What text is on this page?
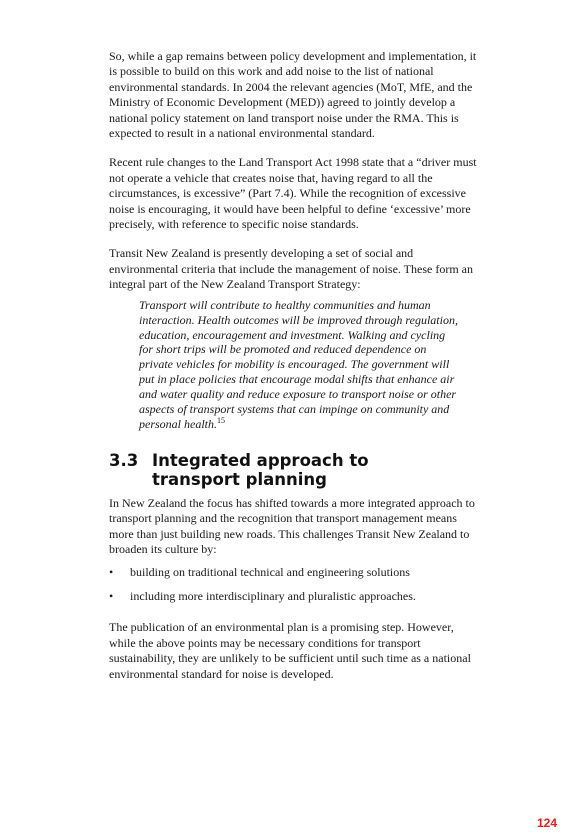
So, while a gap remains between policy development and implementation, it is possible to build on this work and add noise to the list of national environmental standards. In 2004 the relevant agencies (MoT, MfE, and the Ministry of Economic Development (MED)) agreed to jointly develop a national policy statement on land transport noise under the RMA. This is expected to result in a national environmental standard.

Recent rule changes to the Land Transport Act 1998 state that a “driver must not operate a vehicle that creates noise that, having regard to all the circumstances, is excessive” (Part 7.4). While the recognition of excessive noise is encouraging, it would have been helpful to define ‘excessive’ more precisely, with reference to specific noise standards.

Transit New Zealand is presently developing a set of social and environmental criteria that include the management of noise. These form an integral part of the New Zealand Transport Strategy:

Transport will contribute to healthy communities and human interaction. Health outcomes will be improved through regulation, education, encouragement and investment. Walking and cycling for short trips will be promoted and reduced dependence on private vehicles for mobility is encouraged. The government will put in place policies that encourage modal shifts that enhance air and water quality and reduce exposure to transport noise or other aspects of transport systems that can impinge on community and personal health.$^{15}$
3.3 Integrated approach to transport planning

In New Zealand the focus has shifted towards a more integrated approach to transport planning and the recognition that transport management means more than just building new roads. This challenges Transit New Zealand to broaden its culture by:

•	building on traditional technical and engineering solutions
•	including more interdisciplinary and pluralistic approaches.

The publication of an environmental plan is a promising step. However, while the above points may be necessary conditions for transport sustainability, they are unlikely to be sufficient until such time as a national environmental standard for noise is developed.

124
